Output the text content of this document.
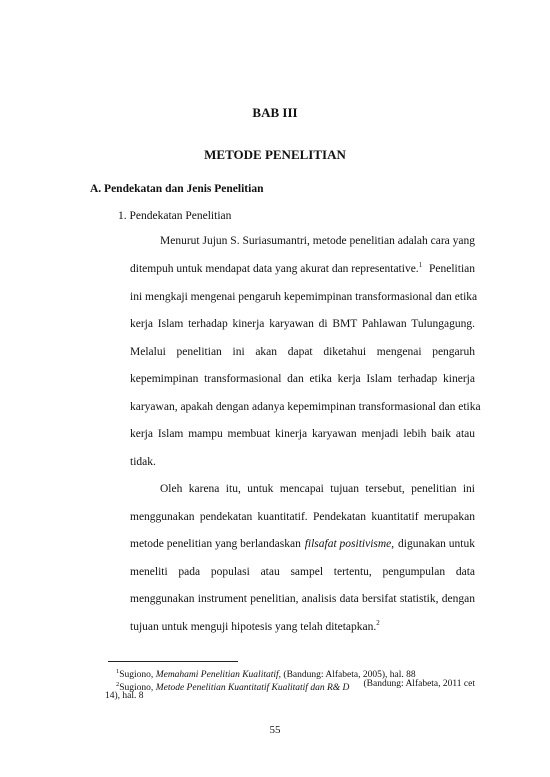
BAB III
METODE PENELITIAN
A. Pendekatan dan Jenis Penelitian
1. Pendekatan Penelitian
Menurut Jujun S. Suriasumantri, metode penelitian adalah cara yang
ditempuh untuk mendapat data yang akurat dan representative.$^1$ Penelitian
ini mengkaji mengenai pengaruh kepemimpinan transformasional dan etika
kerja Islam terhadap kinerja karyawan di BMT Pahlawan Tulungagung.
Melalui penelitian ini akan dapat diketahui mengenai pengaruh
kepemimpinan transformasional dan etika kerja Islam terhadap kinerja
karyawan, apakah dengan adanya kepemimpinan transformasional dan etika
kerja Islam mampu membuat kinerja karyawan menjadi lebih baik atau
tidak.
Oleh karena itu, untuk mencapai tujuan tersebut, penelitian ini
menggunakan pendekatan kuantitatif. Pendekatan kuantitatif merupakan
metode penelitian yang berlandaskan filsafat positivisme, digunakan untuk
meneliti pada populasi atau sampel tertentu, pengumpulan data
menggunakan instrument penelitian, analisis data bersifat statistik, dengan
tujuan untuk menguji hipotesis yang telah ditetapkan.$^2$
$^1$Sugiono, Memahami Penelitian Kualitatif, (Bandung: Alfabeta, 2005), hal. 88
$^2$Sugiono, Metode Penelitian Kuantitatif Kualitatif dan R& D (Bandung: Alfabeta, 2011 cet
14), hal. 8
55
